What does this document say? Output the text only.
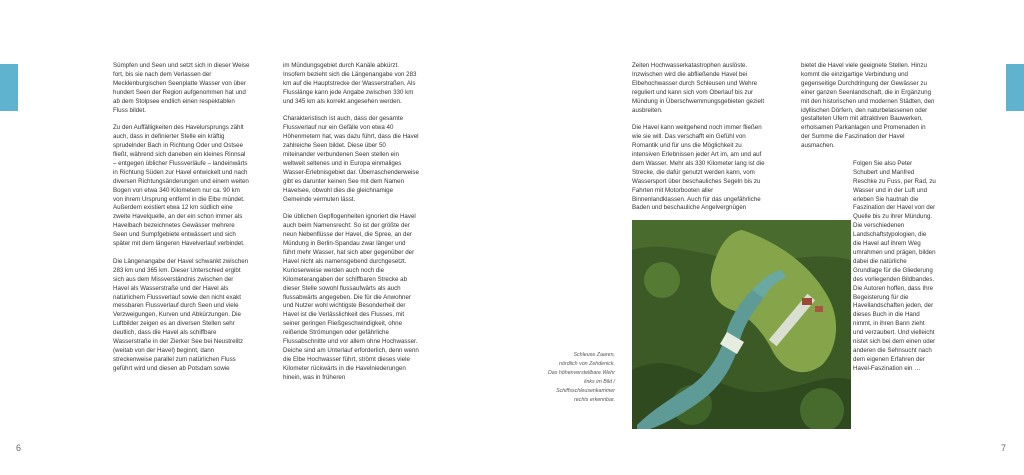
Sümpfen und Seen und setzt sich in dieser Weise fort, bis sie nach dem Verlassen der Mecklenburgischen Seenplatte Wasser von über hundert Seen der Region aufgenommen hat und ab dem Stolpsee endlich einen respektablen Fluss bildet.

Zu den Auffälligkeiten des Havelursprungs zählt auch, dass in definierter Stelle ein kräftig sprudelnder Bach in Richtung Oder und Ostsee fließt, während sich daneben ein kleines Rinnsal – entgegen üblicher Flussverläufe – landeinwärts in Richtung Süden zur Havel entwickelt und nach diversen Richtungsänderungen und einem weiten Bogen von etwa 340 Kilometern nur ca. 90 km von ihrem Ursprung entfernt in die Elbe mündet. Außerdem existiert etwa 12 km südlich eine zweite Havelquelle, an der ein schon immer als Havelbach bezeichnetes Gewässer mehrere Seen und Sumpfgebiete entwässert und sich später mit dem längeren Havelverlauf verbindet.

Die Längenangabe der Havel schwankt zwischen 283 km und 365 km. Dieser Unterschied ergibt sich aus dem Missverständnis zwischen der Havel als Wasserstraße und der Havel als natürlichem Flussverlauf sowie den nicht exakt messbaren Flussverlauf durch Seen und viele Verzweigungen, Kurven und Abkürzungen. Die Luftbilder zeigen es an diversen Stellen sehr deutlich, dass die Havel als schiffbare Wasserstraße in der Zierker See bei Neustrelitz (weitab von der Havel) beginnt, dann streckenweise parallel zum natürlichen Fluss geführt wird und diesen ab Potsdam sowie

im Mündungsgebiet durch Kanäle abkürzt. Insofern bezieht sich die Längenangabe von 283 km auf die Hauptstrecke der Wasserstraßen. Als Flusslänge kann jede Angabe zwischen 330 km und 345 km als korrekt angesehen werden.

Charakteristisch ist auch, dass der gesamte Flussverlauf nur ein Gefälle von etwa 40 Höhenmetern hat, was dazu führt, dass die Havel zahlreiche Seen bildet. Diese über 50 miteinander verbundenen Seen stellen ein weltweit seltenes und in Europa einmaliges Wasser-Erlebnisgebiet dar. Überraschenderweise gibt es darunter keinen See mit dem Namen Havelsee, obwohl dies die gleichnamige Gemeinde vermuten lässt.

Die üblichen Gepflogenheiten ignoriert die Havel auch beim Namensrecht: So ist der größte der neun Nebenflüsse der Havel, die Spree, an der Mündung in Berlin-Spandau zwar länger und führt mehr Wasser, hat sich aber gegenüber der Havel nicht als namensgebend durchgesetzt. Kurioserweise werden auch noch die Kilometerangaben der schiffbaren Strecke ab dieser Stelle sowohl flussaufwärts als auch flussabwärts angegeben. Die für die Anwohner und Nutzer wohl wichtigste Besonderheit der Havel ist die Verlässlichkeit des Flusses, mit seiner geringen Fließgeschwindigkeit, ohne reißende Strömungen oder gefährliche Flussabschnitte und vor allem ohne Hochwasser. Deiche sind am Unterlauf erforderlich, denn wenn die Elbe Hochwasser führt, strömt dieses viele Kilometer rückwärts in die Havelniederungen hinein, was in früheren

Zeiten Hochwasserkatastrophen auslöste. Inzwischen wird die abfließende Havel bei Elbehochwasser durch Schleusen und Wehre reguliert und kann sich vom Oberlauf bis zur Mündung in Überschwemmungsgebieten gezielt ausbreiten.

Die Havel kann weitgehend noch immer fließen wie sie will. Das verschafft ein Gefühl von Romantik und für uns die Möglichkeit zu intensiven Erlebnissen jeder Art im, am und auf dem Wasser. Mehr als 330 Kilometer lang ist die Strecke, die dafür genutzt werden kann, vom Wassersport über beschauliches Segeln bis zu Fahrten mit Motorbooten aller Binnenlandklassen. Auch für das ungefährliche Baden und beschauliche Angelvergnügen

bietet die Havel viele geeignete Stellen. Hinzu kommt die einzigartige Verbindung und gegenseitige Durchdringung der Gewässer zu einer ganzen Seenlandschaft, die in Ergänzung mit den historischen und modernen Städten, den idyllischen Dörfern, den naturbelassenen oder gestalteten Ufern mit attraktiven Bauwerken, erholsamen Parkanlagen und Promenaden in der Summe die Faszination der Havel ausmachen.

Folgen Sie also Peter Schubert und Manfred Reschke zu Fuss, per Rad, zu Wasser und in der Luft und erleben Sie hautnah die Faszination der Havel von der Quelle bis zu ihrer Mündung. Die verschiedenen Landschaftstypologien, die die Havel auf ihrem Weg umrahmen und prägen, bilden dabei die natürliche Grundlage für die Gliederung des vorliegenden Bildbandes. Die Autoren hoffen, dass Ihre Begeisterung für die Havellandschaften jeden, der dieses Buch in die Hand nimmt, in ihren Bann zieht und verzaubert. Und vielleicht nistet sich bei dem einen oder anderen die Sehnsucht nach dem eigenen Erfahren der Havel-Faszination ein …

Schleuse Zaaren,
nördlich von Zehdenick.
Das höhenverstellbare Wehr
links im Bild /
Schiffsschleusenkammer
rechts erkennbar.
6	7
